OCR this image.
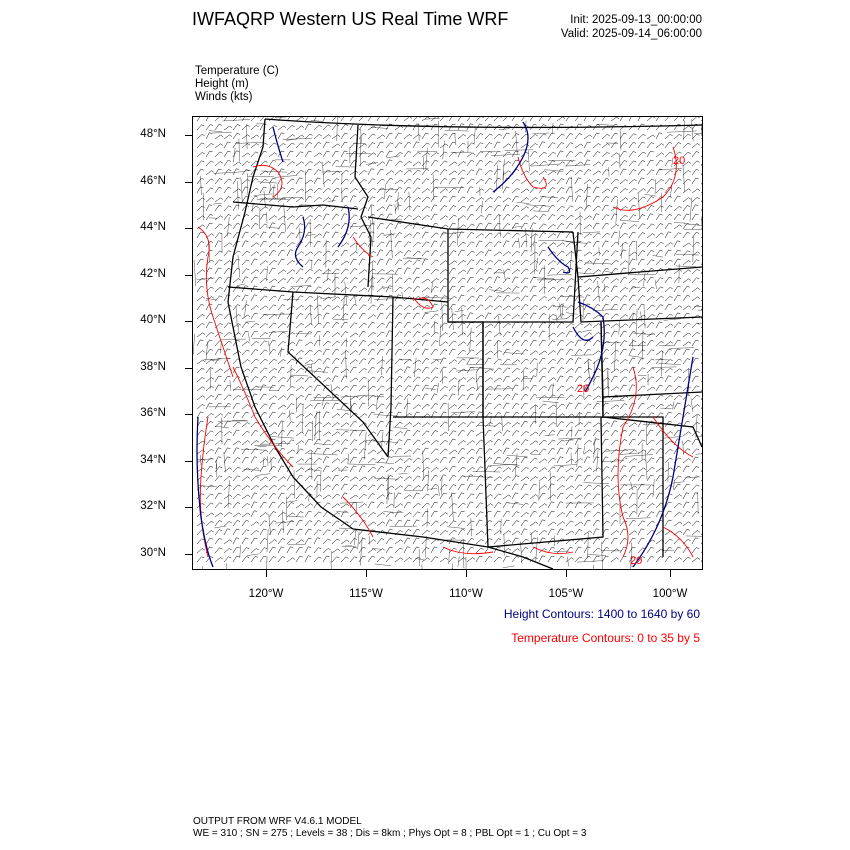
IWFAQRP Western US Real Time WRF	Init: 2025-09-13_00:00:00
Valid: 2025-09-14_06:00:00
Temperature (C)
Height (m)
Winds (kts)
48°N
46°N
44°N
42°N
40°N
38°N
36°N
34°N
32°N
30°N
120°W	115°W	110°W	105°W	100°W
20
20
20
Height Contours: 1400 to 1640 by 60
Temperature Contours: 0 to 35 by 5
OUTPUT FROM WRF V4.6.1 MODEL
WE = 310 ; SN = 275 ; Levels = 38 ; Dis = 8km ; Phys Opt = 8 ; PBL Opt = 1 ; Cu Opt = 3
